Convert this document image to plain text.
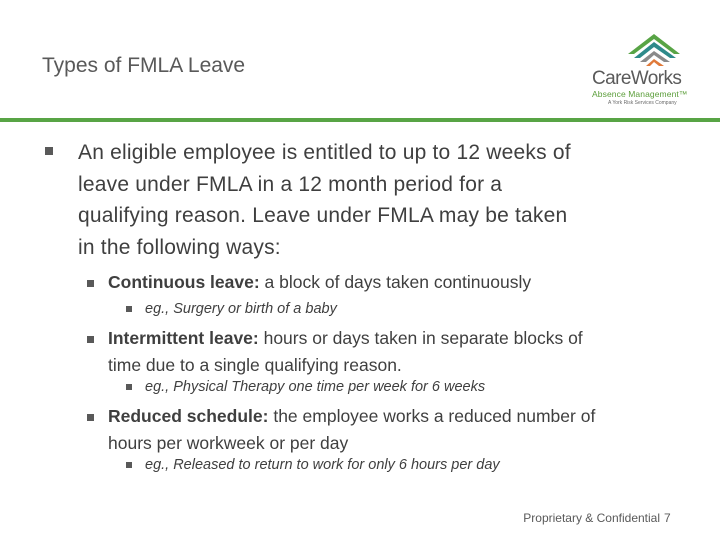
Types of FMLA Leave
CareWorks
Absence Management™
A York Risk Services Company
An eligible employee is entitled to up to 12 weeks of
leave under FMLA in a 12 month period for a
qualifying reason. Leave under FMLA may be taken
in the following ways:
Continuous leave: a block of days taken continuously
eg., Surgery or birth of a baby
Intermittent leave: hours or days taken in separate blocks of
time due to a single qualifying reason.
eg., Physical Therapy one time per week for 6 weeks
Reduced schedule: the employee works a reduced number of
hours per workweek or per day
eg., Released to return to work for only 6 hours per day
Proprietary & Confidential 7
